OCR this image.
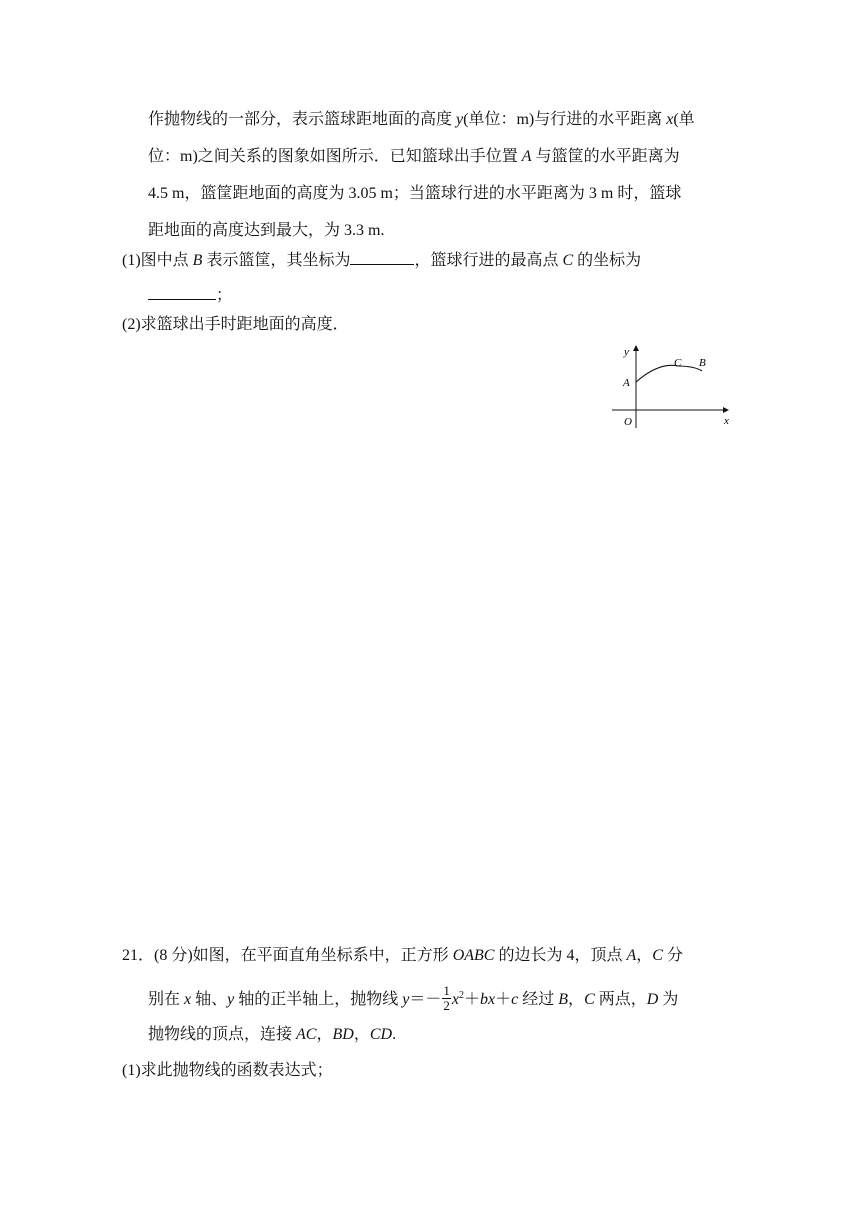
作抛物线的一部分，表示篮球距地面的高度 y(单位：m)与行进的水平距离 x(单
位：m)之间关系的图象如图所示．已知篮球出手位置 A 与篮筐的水平距离为
4.5 m，篮筐距地面的高度为 3.05 m；当篮球行进的水平距离为 3 m 时，篮球
距地面的高度达到最大，为 3.3 m.
(1)图中点 B 表示篮筐，其坐标为	，篮球行进的最高点 C 的坐标为
；
(2)求篮球出手时距地面的高度．
y
x
O
A
C B
21．(8 分)如图，在平面直角坐标系中，正方形 OABC 的边长为 4，顶点 A，C 分
别在 x 轴、y 轴的正半轴上，抛物线 $y=- \frac{1}{2} x^2+bx+c$ 经过 B，C 两点，D 为
抛物线的顶点，连接 AC，BD，CD.
(1)求此抛物线的函数表达式；
